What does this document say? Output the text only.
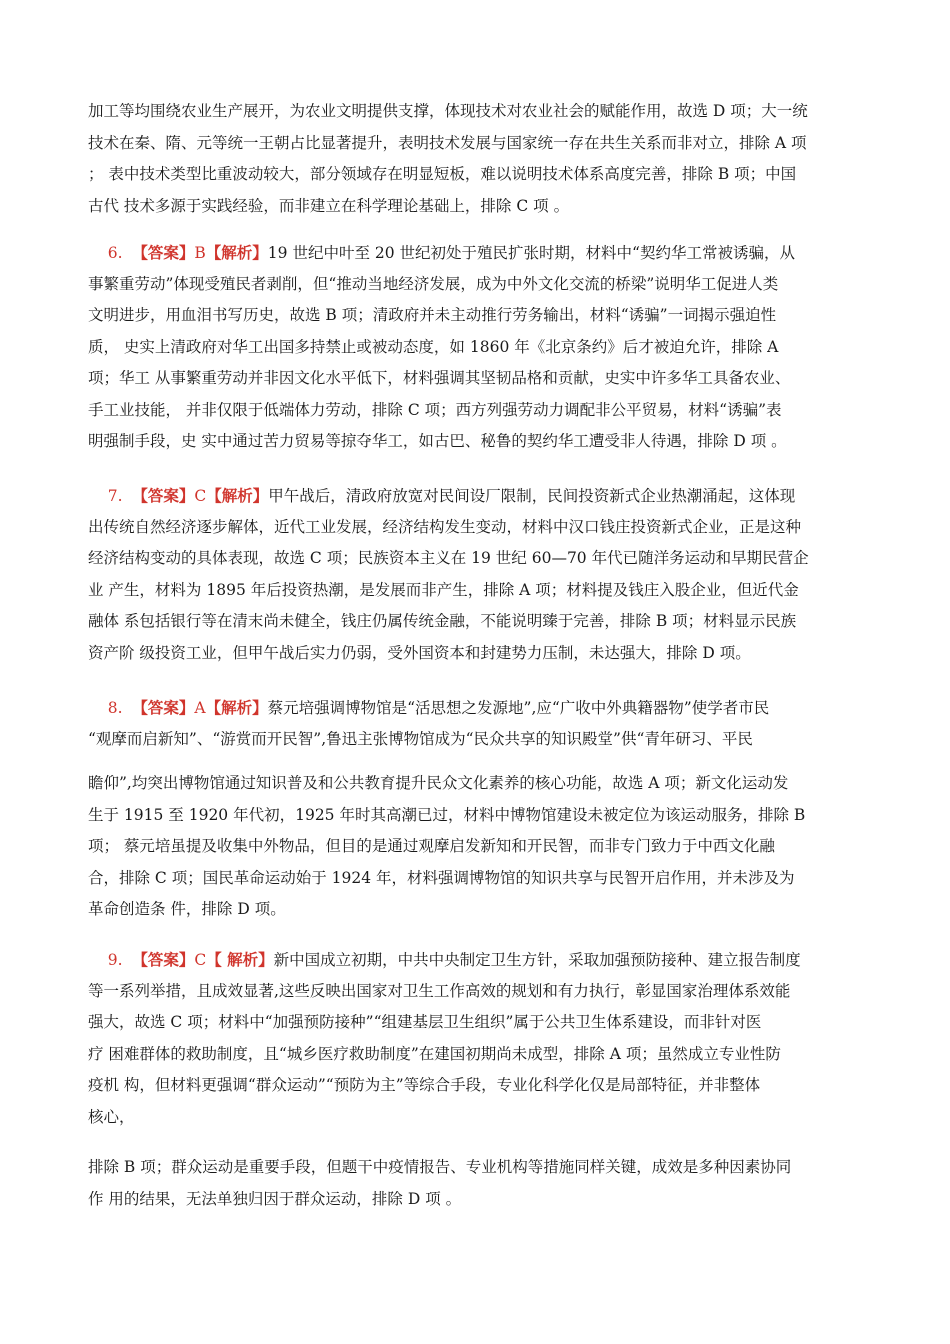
加工等均围绕农业生产展开，为农业文明提供支撑，体现技术对农业社会的赋能作用，故选 D 项；大一统
技术在秦、隋、元等统一王朝占比显著提升，表明技术发展与国家统一存在共生关系而非对立，排除 A 项
； 表中技术类型比重波动较大，部分领域存在明显短板，难以说明技术体系高度完善，排除 B 项；中国
古代 技术多源于实践经验，而非建立在科学理论基础上，排除 C 项 。
6. 【答案】B【解析】19 世纪中叶至 20 世纪初处于殖民扩张时期，材料中“契约华工常被诱骗，从
事繁重劳动”体现受殖民者剥削，但“推动当地经济发展，成为中外文化交流的桥梁”说明华工促进人类
文明进步，用血泪书写历史，故选 B 项；清政府并未主动推行劳务输出，材料“诱骗”一词揭示强迫性
质， 史实上清政府对华工出国多持禁止或被动态度，如 1860 年《北京条约》后才被迫允许，排除 A
项；华工 从事繁重劳动并非因文化水平低下，材料强调其坚韧品格和贡献，史实中许多华工具备农业、
手工业技能， 并非仅限于低端体力劳动，排除 C 项；西方列强劳动力调配非公平贸易，材料“诱骗”表
明强制手段，史 实中通过苦力贸易等掠夺华工，如古巴、秘鲁的契约华工遭受非人待遇，排除 D 项 。
7. 【答案】C【解析】甲午战后，清政府放宽对民间设厂限制，民间投资新式企业热潮涌起，这体现
出传统自然经济逐步解体，近代工业发展，经济结构发生变动，材料中汉口钱庄投资新式企业，正是这种
经济结构变动的具体表现，故选 C 项；民族资本主义在 19 世纪 60—70 年代已随洋务运动和早期民营企
业 产生，材料为 1895 年后投资热潮，是发展而非产生，排除 A 项；材料提及钱庄入股企业，但近代金
融体 系包括银行等在清末尚未健全，钱庄仍属传统金融，不能说明臻于完善，排除 B 项；材料显示民族
资产阶 级投资工业，但甲午战后实力仍弱，受外国资本和封建势力压制，未达强大，排除 D 项。
8. 【答案】A【解析】蔡元培强调博物馆是“活思想之发源地”,应“广收中外典籍器物”使学者市民
“观摩而启新知”、“游赏而开民智”,鲁迅主张博物馆成为“民众共享的知识殿堂”供“青年研习、平民
瞻仰”,均突出博物馆通过知识普及和公共教育提升民众文化素养的核心功能，故选 A 项；新文化运动发
生于 1915 至 1920 年代初，1925 年时其高潮已过，材料中博物馆建设未被定位为该运动服务，排除 B
项； 蔡元培虽提及收集中外物品，但目的是通过观摩启发新知和开民智，而非专门致力于中西文化融
合，排除 C 项；国民革命运动始于 1924 年，材料强调博物馆的知识共享与民智开启作用，并未涉及为
革命创造条 件，排除 D 项。
9. 【答案】C【 解析】新中国成立初期，中共中央制定卫生方针，采取加强预防接种、建立报告制度
等一系列举措，且成效显著,这些反映出国家对卫生工作高效的规划和有力执行，彰显国家治理体系效能
强大，故选 C 项；材料中“加强预防接种”“组建基层卫生组织”属于公共卫生体系建设，而非针对医
疗 困难群体的救助制度，且“城乡医疗救助制度”在建国初期尚未成型，排除 A 项；虽然成立专业性防
疫机 构，但材料更强调“群众运动”“预防为主”等综合手段，专业化科学化仅是局部特征，并非整体
核心，
排除 B 项；群众运动是重要手段，但题干中疫情报告、专业机构等措施同样关键，成效是多种因素协同
作 用的结果，无法单独归因于群众运动，排除 D 项 。
